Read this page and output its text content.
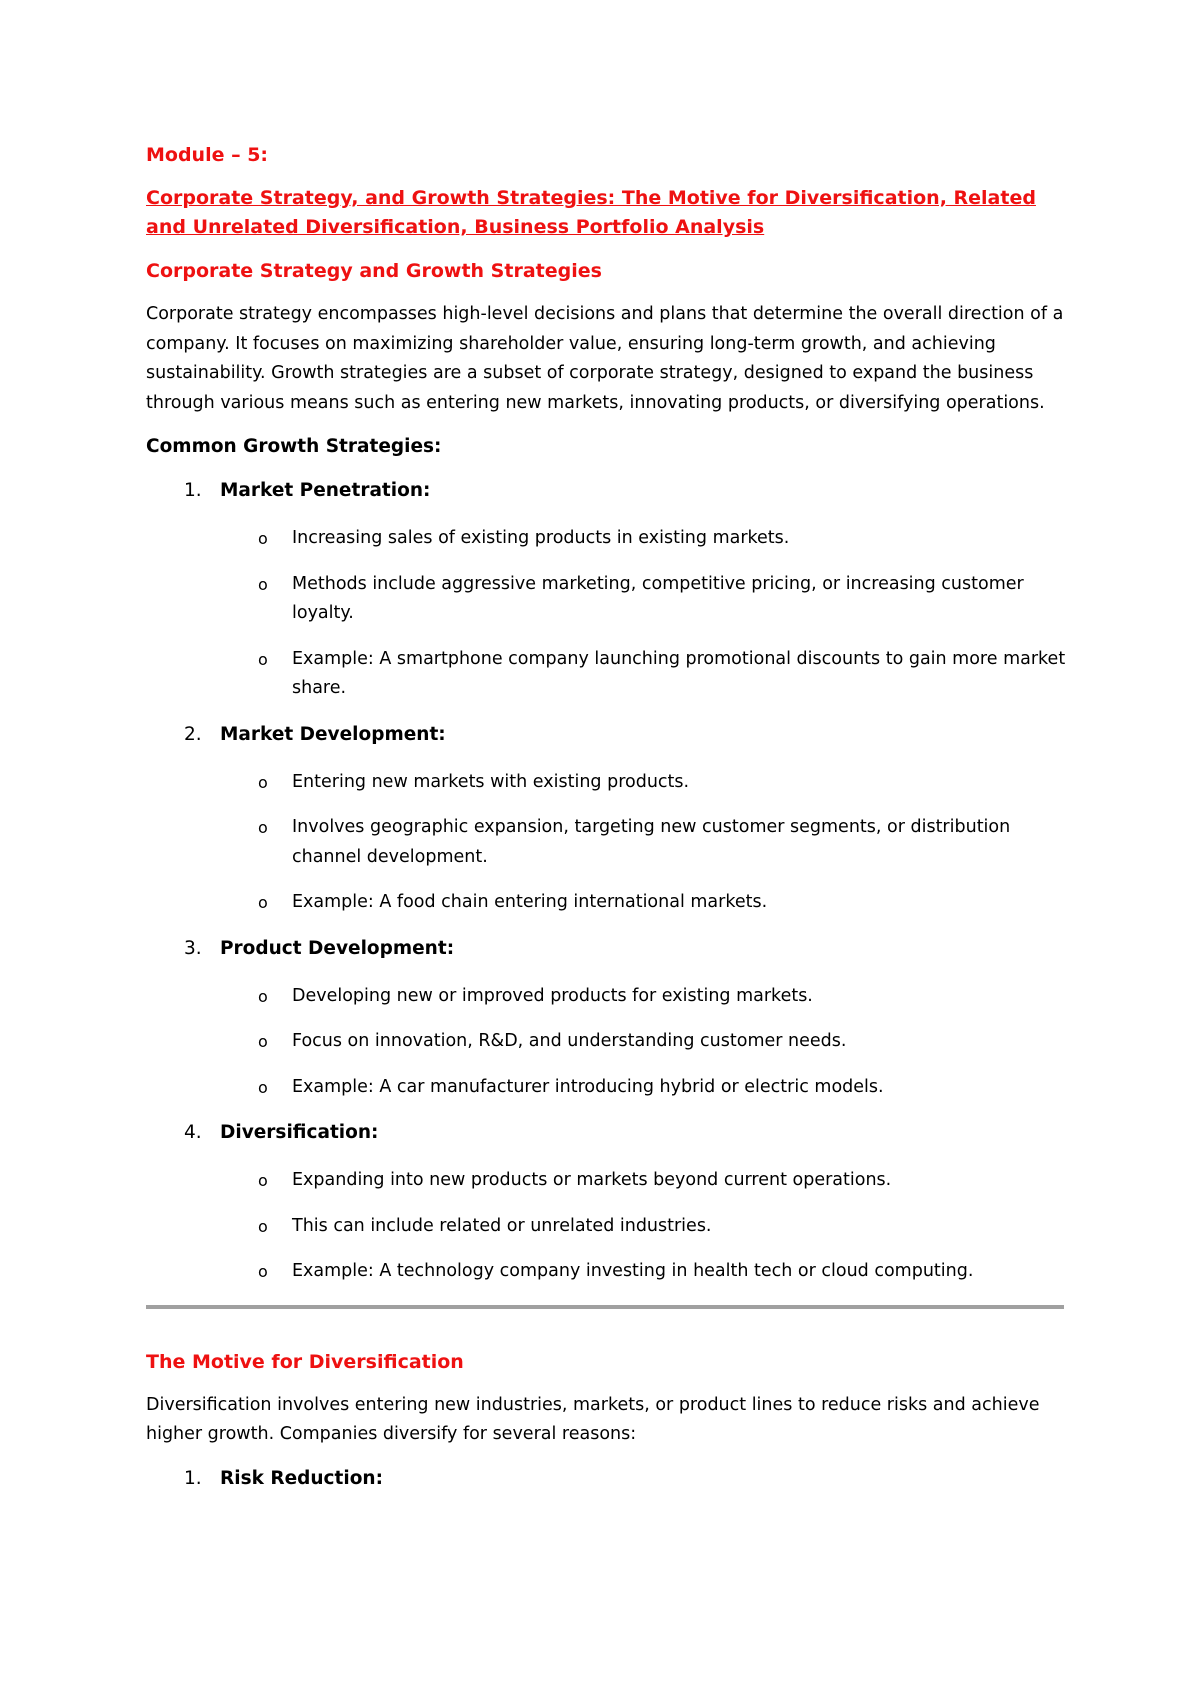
Module – 5:
Corporate Strategy, and Growth Strategies: The Motive for Diversification, Related and Unrelated Diversification, Business Portfolio Analysis
Corporate Strategy and Growth Strategies
Corporate strategy encompasses high-level decisions and plans that determine the overall direction of a company. It focuses on maximizing shareholder value, ensuring long-term growth, and achieving sustainability. Growth strategies are a subset of corporate strategy, designed to expand the business through various means such as entering new markets, innovating products, or diversifying operations.
Common Growth Strategies:
1. Market Penetration:
o Increasing sales of existing products in existing markets.
o Methods include aggressive marketing, competitive pricing, or increasing customer loyalty.
o Example: A smartphone company launching promotional discounts to gain more market share.
2. Market Development:
o Entering new markets with existing products.
o Involves geographic expansion, targeting new customer segments, or distribution channel development.
o Example: A food chain entering international markets.
3. Product Development:
o Developing new or improved products for existing markets.
o Focus on innovation, R&D, and understanding customer needs.
o Example: A car manufacturer introducing hybrid or electric models.
4. Diversification:
o Expanding into new products or markets beyond current operations.
o This can include related or unrelated industries.
o Example: A technology company investing in health tech or cloud computing.
The Motive for Diversification
Diversification involves entering new industries, markets, or product lines to reduce risks and achieve higher growth. Companies diversify for several reasons:
1. Risk Reduction:
